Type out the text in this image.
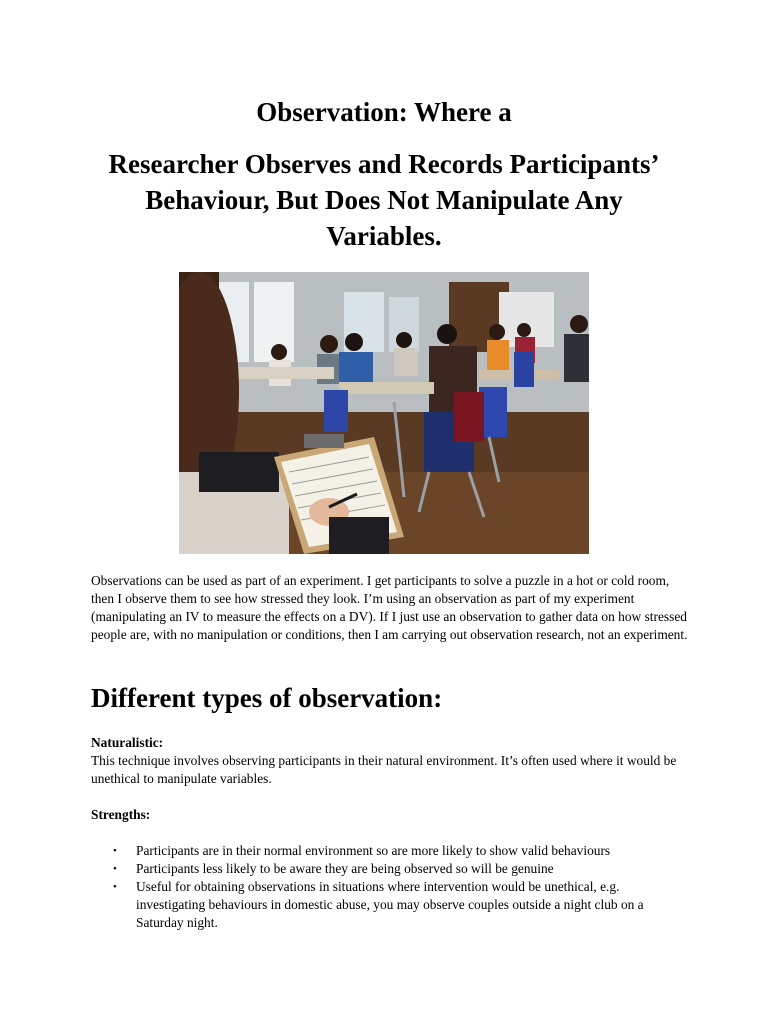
Observation: Where a
Researcher Observes and Records Participants’ Behaviour, But Does Not Manipulate Any Variables.
Observations can be used as part of an experiment. I get participants to solve a puzzle in a hot or cold room, then I observe them to see how stressed they look. I’m using an observation as part of my experiment (manipulating an IV to measure the effects on a DV). If I just use an observation to gather data on how stressed people are, with no manipulation or conditions, then I am carrying out observation research, not an experiment.
Different types of observation:
Naturalistic:
This technique involves observing participants in their natural environment. It’s often used where it would be unethical to manipulate variables.
Strengths:
• Participants are in their normal environment so are more likely to show valid behaviours
• Participants less likely to be aware they are being observed so will be genuine
• Useful for obtaining observations in situations where intervention would be unethical, e.g. investigating behaviours in domestic abuse, you may observe couples outside a night club on a Saturday night.
